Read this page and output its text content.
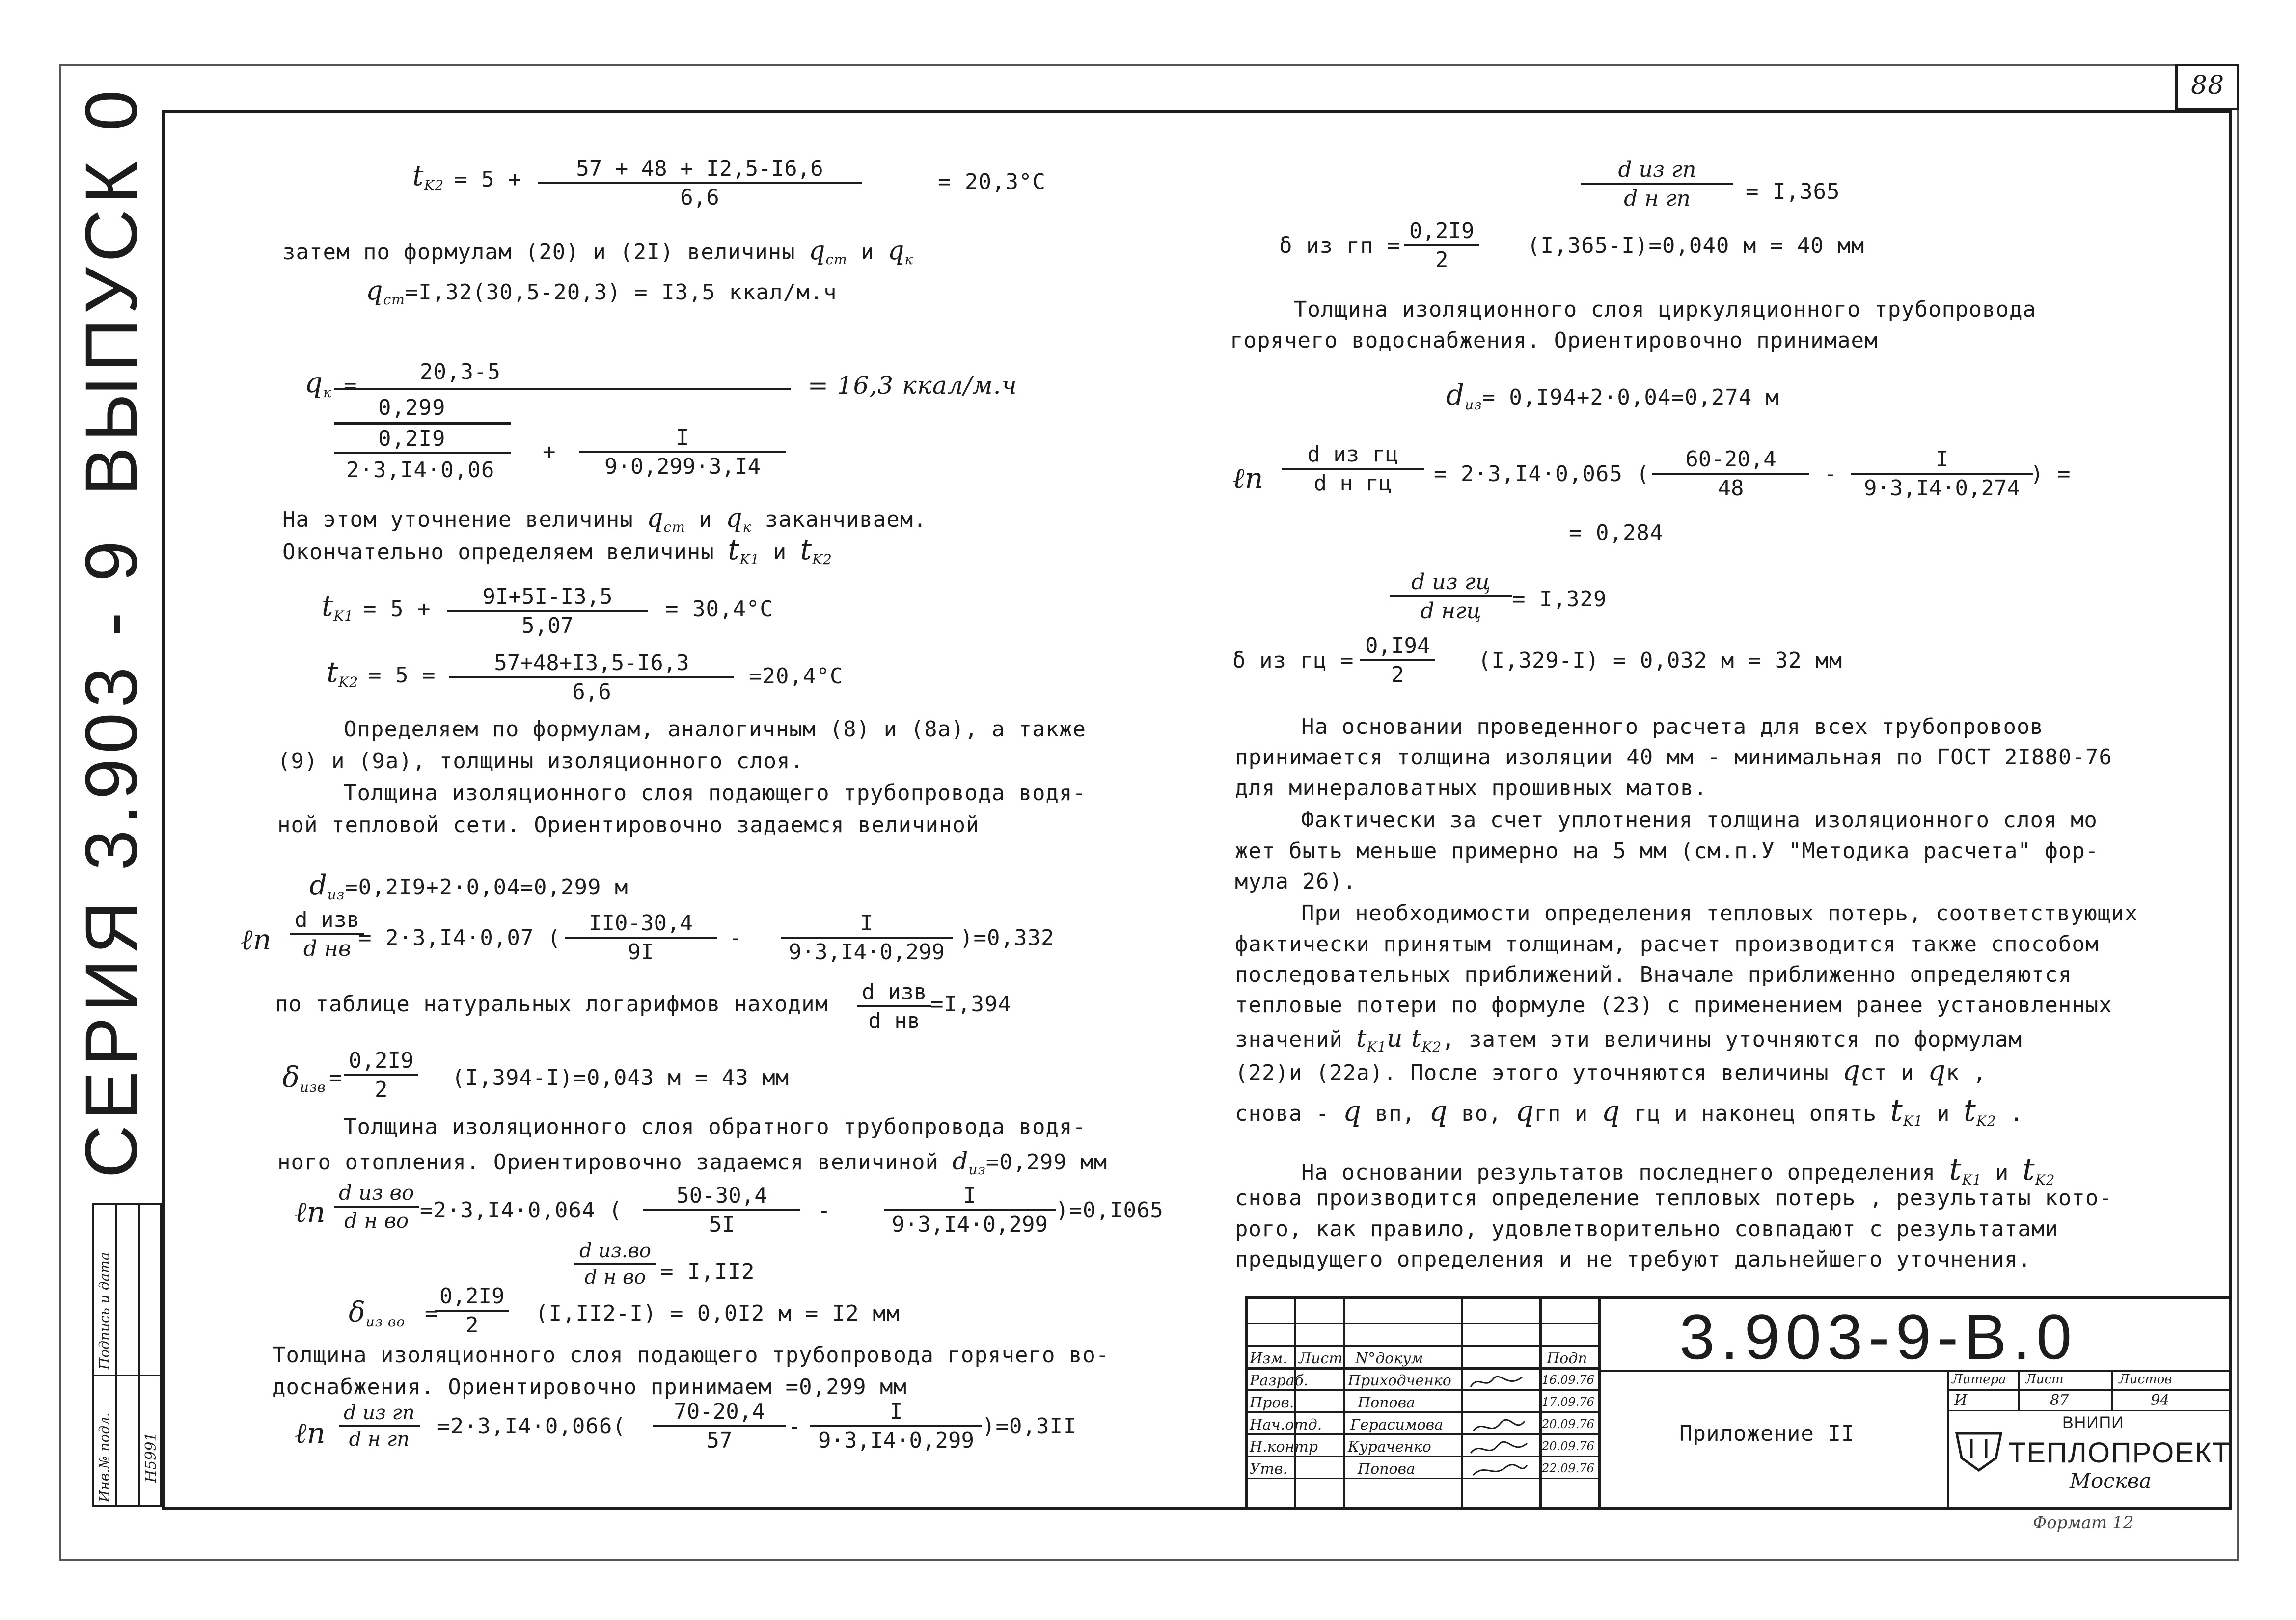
88
СЕРИЯ 3.903 - 9
ВЫПУСК 0
Инв.№ подл.
Подпись и дата
Н5991
$t_{K2} = 5 + \frac{57 + 48 + I2,5-I6,6}{6,6}$	= 20,3°C
затем по формулам (20) и (2I) величины $q_{ст}$ и $q_к$
$q_{ст}=I,32(30,5-20,3) = I3,5$ ккал/м.ч
$q_к$ =
20,3-5	= 16,3 ккал/м.ч
0,299
0,2I9
2·3,I4·0,06
+ $\frac{I}{9\cdot 0,299\cdot 3,I4}$
На этом уточнение величины $q_{ст}$ и $q_к$ заканчиваем.
Окончательно определяем величины $t_{K1}$ и $t_{K2}$
$t_{K1} = 5 + \frac{9I+5I-I3,5}{5,07} = 30,4^\circ C$
$t_{K2} = 5 = \frac{57+48+I3,5-I6,3}{6,6} =20,4^\circ C$
Определяем по формулам, аналогичным (8) и (8а), а также
(9) и (9а), толщины изоляционного слоя.
Толщина изоляционного слоя подающего трубопровода водя-
ной тепловой сети. Ориентировочно задаемся величиной
$d_{из}=0,2I9+2\cdot 0,04=0,299$ м
ℓn
d изв
d нв = 2·3,I4·0,07 ( $\frac{II0-30,4}{9I} - \frac{I}{9\cdot 3,I4\cdot 0,299} )=0,332$
по таблице натуральных логарифмов находим d изв
d нв
=I,394
$\delta_{изв} = \frac{0,2I9}{2} (I,394-I)=0,043$ м = 43 мм
Толщина изоляционного слоя обратного трубопровода водя-
ного отопления. Ориентировочно задаемся величиной $d_{из}=0,299$ мм
ℓn
d из во
d н во =2·3,I4·0,064 ( $\frac{50-30,4}{5I} - \frac{I}{9\cdot 3,I4\cdot 0,299} )=0,I065$
d из.во
d н во = I,II2
$\delta_{из во}$ =
$\frac{0,2I9}{2} (I,II2-I) = 0,0I2$ м = I2 мм
Толщина изоляционного слоя подающего трубопровода горячего во-
доснабжения. Ориентировочно принимаем =0,299 мм
ℓn
d из гп
d н гп
$=2\cdot 3,I4\cdot 0,066( \frac{70-20,4}{57} - \frac{I}{9\cdot 3,I4\cdot 0,299} )=0,3II$
d из гп
d н гп	= I,365
δ из гп = $\frac{0,2I9}{2} (I,365-I)=0,040$ м = 40 мм
Толщина изоляционного слоя циркуляционного трубопровода
горячего водоснабжения. Ориентировочно принимаем
$d_{из}= 0,I94+2\cdot 0,04=0,274$ м
ℓn
d из гц
d н гц = 2·3,I4·0,065 ( $\frac{60-20,4}{48} - \frac{I}{9\cdot 3,I4\cdot 0,274}$
) =
= 0,284
d из гц
d нгц = I,329
δ из гц = $\frac{0,I94}{2} (I,329-I) = 0,032$ м = 32 мм
На основании проведенного расчета для всех трубопровоов
принимается толщина изоляции 40 мм - минимальная по ГОСТ 2I880-76
для минераловатных прошивных матов.
Фактически за счет уплотнения толщина изоляционного слоя мо
жет быть меньше примерно на 5 мм (см.п.У "Методика расчета" фор-
мула 26).
При необходимости определения тепловых потерь, соответствующих
фактически принятым толщинам, расчет производится также способом
последовательных приближений. Вначале приближенно определяются
тепловые потери по формуле (23) с применением ранее установленных
значений $t_{K1}и$ $t_{K2}$, затем эти величины уточняются по формулам
(22)и (22а). После этого уточняются величины qст и qк ,
снова - q вп, q во, qгп и q гц и наконец опять $t_{K1}$ и $t_{K2}$ .
На основании результатов последнего определения $t_{K1}$ и $t_{K2}$
снова производится определение тепловых потерь , результаты кото-
рого, как правило, удовлетворительно совпадают с результатами
предыдущего определения и не требуют дальнейшего уточнения.
Изм. Лист N°докум	Подп
Разраб.	Приходченко	16.09.76
Пров.	Попова	17.09.76
Нач.отд. Герасимова	20.09.76
Н.контр Кураченко	20.09.76
Утв.	Попова	22.09.76
3.903-9-B.0
Приложение II
Литера Лист	Листов
И	87	94
ВНИПИ
ТЕПЛОПРОЕКТ
Москва
Формат 12
